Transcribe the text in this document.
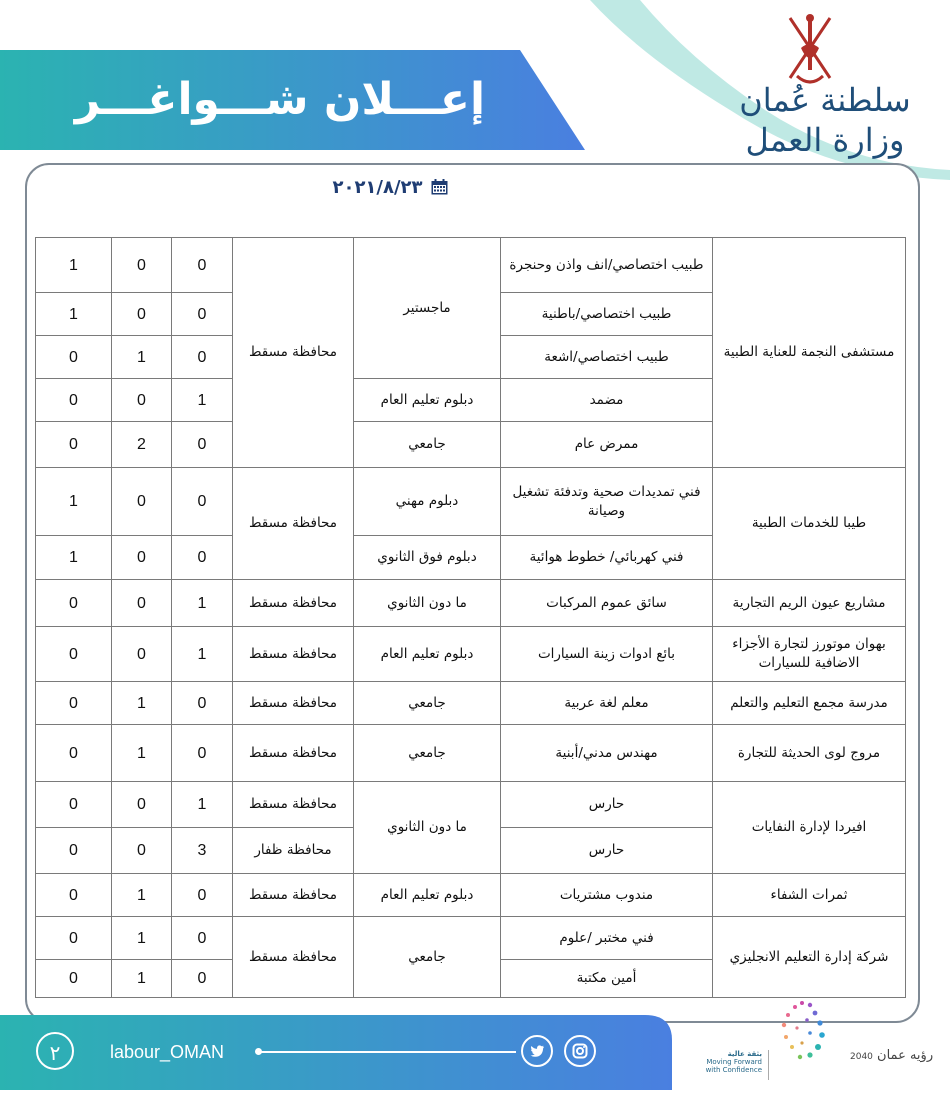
سلطنة عُمان
وزارة العمل
إعـــلان شـــواغـــر
٢٠٢١/٨/٢٣
مستشفى النجمة للعناية الطبية	طبيب اختصاصي/انف واذن وحنجرة	ماجستير	محافظة مسقط	0	0	1
	طبيب اختصاصي/باطنية			0	0	1
	طبيب اختصاصي/اشعة			0	1	0
	مضمد	دبلوم تعليم العام		1	0	0
	ممرض عام	جامعي		0	2	0
طيبا للخدمات الطبية	فني تمديدات صحية وتدفئة تشغيل وصيانة	دبلوم مهني	محافظة مسقط	0	0	1
	فني كهربائي/ خطوط هوائية	دبلوم فوق الثانوي		0	0	1
مشاريع عيون الريم التجارية	سائق عموم المركبات	ما دون الثانوي	محافظة مسقط	1	0	0
بهوان موتورز لتجارة الأجزاء الاضافية للسيارات	بائع ادوات زينة السيارات	دبلوم تعليم العام	محافظة مسقط	1	0	0
مدرسة مجمع التعليم والتعلم	معلم لغة عربية	جامعي	محافظة مسقط	0	1	0
مروج لوى الحديثة للتجارة	مهندس مدني/أبنية	جامعي	محافظة مسقط	0	1	0
افيردا لإدارة النفايات	حارس	ما دون الثانوي	محافظة مسقط	1	0	0
	حارس		محافظة ظفار	3	0	0
ثمرات الشفاء	مندوب مشتريات	دبلوم تعليم العام	محافظة مسقط	0	1	0
شركة إدارة التعليم الانجليزي	فني مختبر /علوم	جامعي	محافظة مسقط	0	1	0
	أمين مكتبة			0	1	0
٢	labour_OMAN	رؤيه عمان 2040
بثقة عالية
Moving Forward with Confidence
